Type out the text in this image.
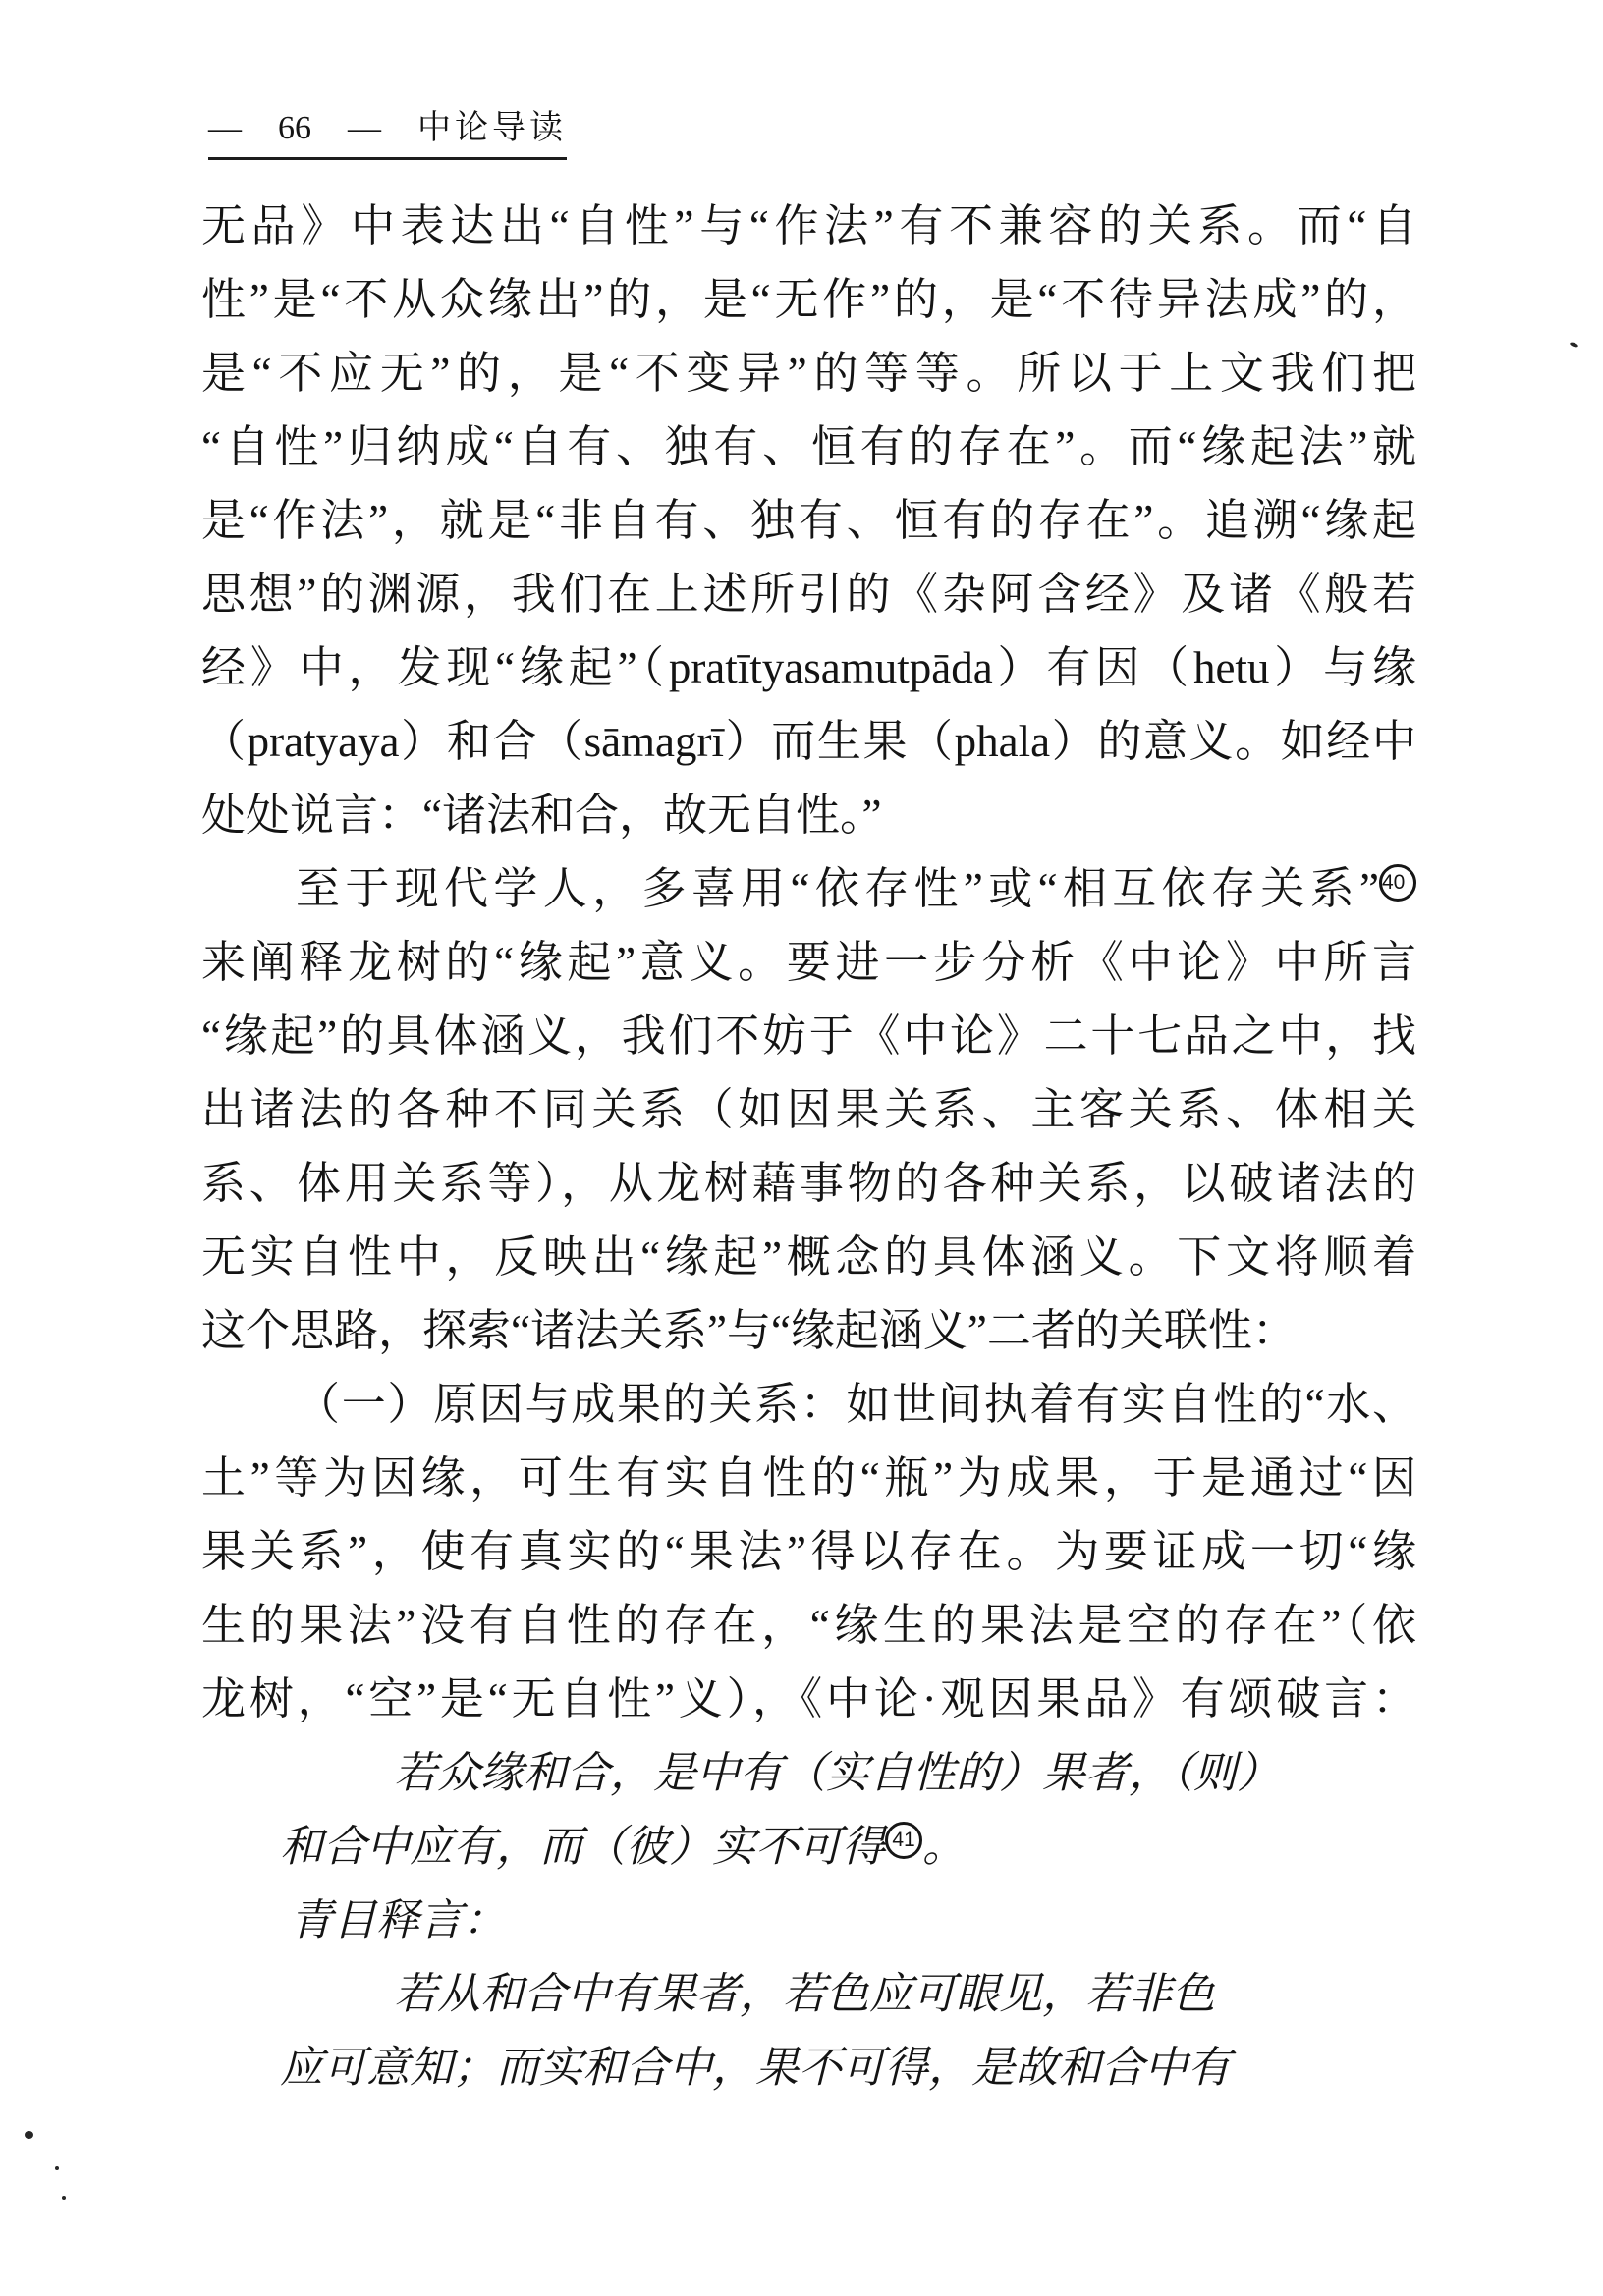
— 66 — 中论导读
无品》中表达出“自性”与“作法”有不兼容的关系。而“自
性”是“不从众缘出”的，是“无作”的，是“不待异法成”的，
是“不应无”的，是“不变异”的等等。所以于上文我们把
“自性”归纳成“自有、独有、恒有的存在”。而“缘起法”就
是“作法”，就是“非自有、独有、恒有的存在”。追溯“缘起
思想”的渊源，我们在上述所引的《杂阿含经》及诸《般若
经》中，发现“缘起”（pratītyasamutpāda）有因（hetu）与缘
（pratyaya）和合（sāmagrī）而生果（phala）的意义。如经中
处处说言：“诸法和合，故无自性。”
至于现代学人，多喜用“依存性”或“相互依存关系” 40
来阐释龙树的“缘起”意义。要进一步分析《中论》中所言
“缘起”的具体涵义，我们不妨于《中论》二十七品之中，找
出诸法的各种不同关系（如因果关系、主客关系、体相关
系、体用关系等），从龙树藉事物的各种关系，以破诸法的
无实自性中，反映出“缘起”概念的具体涵义。下文将顺着
这个思路，探索“诸法关系”与“缘起涵义”二者的关联性：
（一）原因与成果的关系：如世间执着有实自性的“水、
土”等为因缘，可生有实自性的“瓶”为成果，于是通过“因
果关系”，使有真实的“果法”得以存在。为要证成一切“缘
生的果法”没有自性的存在，“缘生的果法是空的存在”（依
龙树，“空”是“无自性”义），《中论·观因果品》有颂破言：
若众缘和合，是中有（实自性的）果者，（则）
和合中应有，而（彼）实不可得 41 。
青目释言：
若从和合中有果者，若色应可眼见，若非色
应可意知；而实和合中，果不可得，是故和合中有
